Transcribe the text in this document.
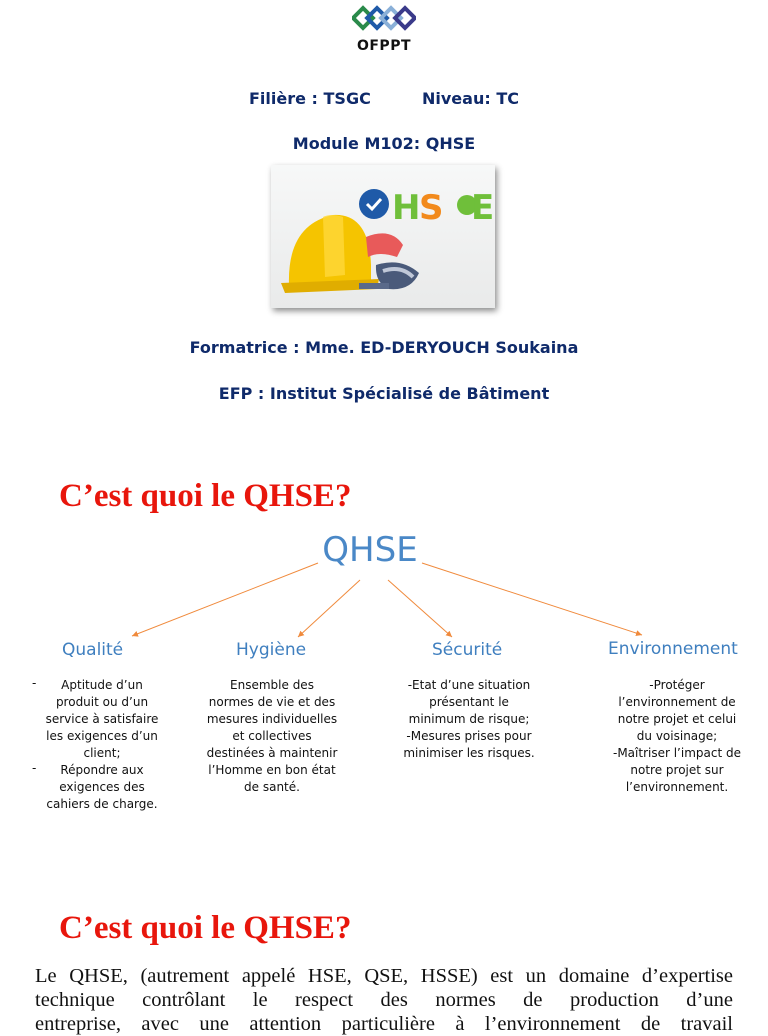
OFPPT
Filière : TSGC	Niveau: TC
Module M102: QHSE
H
S E
Formatrice : Mme. ED-DERYOUCH Soukaina
EFP : Institut Spécialisé de Bâtiment
C’est quoi le QHSE?
QHSE
Qualité	Hygiène	Sécurité	Environnement
- Aptitude d’un
produit ou d’un
service à satisfaire
les exigences d’un
client;
- Répondre aux
exigences des
cahiers de charge.
Ensemble des
normes de vie et des
mesures individuelles
et collectives
destinées à maintenir
l’Homme en bon état
de santé.
-Etat d’une situation
présentant le
minimum de risque;
-Mesures prises pour
minimiser les risques.
-Protéger
l’environnement de
notre projet et celui
du voisinage;
-Maîtriser l’impact de
notre projet sur
l’environnement.
C’est quoi le QHSE?
Le QHSE, (autrement appelé HSE, QSE, HSSE) est un domaine d’expertise
technique contrôlant le respect des normes de production d’une
entreprise, avec une attention particulière à l’environnement de travail
